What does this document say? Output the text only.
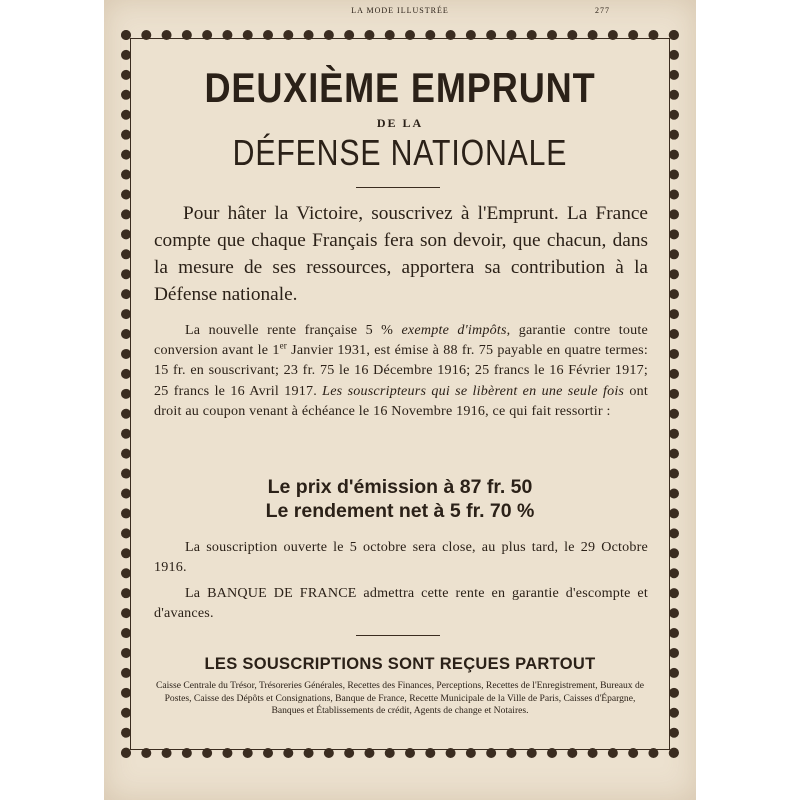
LA MODE ILLUSTRÉE	277
DEUXIÈME EMPRUNT
DE LA
DÉFENSE NATIONALE
Pour hâter la Victoire, souscrivez à l'Emprunt. La France compte que chaque Français fera son devoir, que chacun, dans la mesure de ses ressources, apportera sa contribution à la Défense nationale.
La nouvelle rente française 5 % exempte d'impôts, garantie contre toute conversion avant le 1er Janvier 1931, est émise à 88 fr. 75 payable en quatre termes: 15 fr. en souscrivant; 23 fr. 75 le 16 Décembre 1916; 25 francs le 16 Février 1917; 25 francs le 16 Avril 1917. Les souscripteurs qui se libèrent en une seule fois ont droit au coupon venant à échéance le 16 Novembre 1916, ce qui fait ressortir :
Le prix d'émission à 87 fr. 50
Le rendement net à 5 fr. 70 %
La souscription ouverte le 5 octobre sera close, au plus tard, le 29 Octobre 1916.
La BANQUE DE FRANCE admettra cette rente en garantie d'escompte et d'avances.
LES SOUSCRIPTIONS SONT REÇUES PARTOUT
Caisse Centrale du Trésor, Trésoreries Générales, Recettes des Finances, Perceptions, Recettes de l'Enregistrement, Bureaux de Postes, Caisse des Dépôts et Consignations, Banque de France, Recette Municipale de la Ville de Paris, Caisses d'Épargne, Banques et Établissements de crédit, Agents de change et Notaires.
